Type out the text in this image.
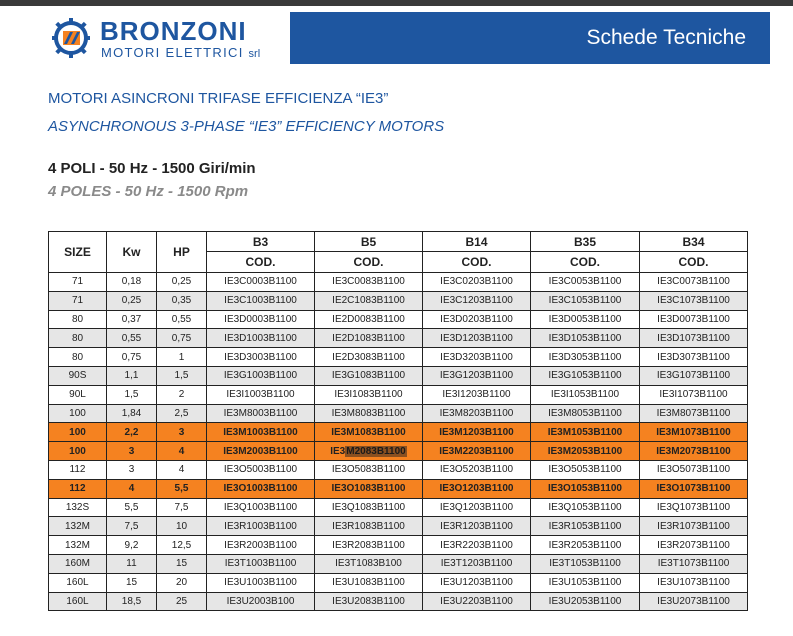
BRONZONI
MOTORI ELETTRICI srl
Schede Tecniche
MOTORI ASINCRONI TRIFASE EFFICIENZA “IE3”
ASYNCHRONOUS 3-PHASE “IE3” EFFICIENCY MOTORS
4 POLI - 50 Hz - 1500 Giri/min
4 POLES - 50 Hz - 1500 Rpm
SIZE	Kw	HP	B3	B5	B14	B35	B34
			COD.	COD.	COD.	COD.	COD.
71	0,18	0,25	IE3C0003B1100	IE3C0083B1100	IE3C0203B1100	IE3C0053B1100	IE3C0073B1100
71	0,25	0,35	IE3C1003B1100	IE2C1083B1100	IE3C1203B1100	IE3C1053B1100	IE3C1073B1100
80	0,37	0,55	IE3D0003B1100	IE2D0083B1100	IE3D0203B1100	IE3D0053B1100	IE3D0073B1100
80	0,55	0,75	IE3D1003B1100	IE2D1083B1100	IE3D1203B1100	IE3D1053B1100	IE3D1073B1100
80	0,75	1	IE3D3003B1100	IE2D3083B1100	IE3D3203B1100	IE3D3053B1100	IE3D3073B1100
90S	1,1	1,5	IE3G1003B1100	IE3G1083B1100	IE3G1203B1100	IE3G1053B1100	IE3G1073B1100
90L	1,5	2	IE3I1003B1100	IE3I1083B1100	IE3I1203B1100	IE3I1053B1100	IE3I1073B1100
100	1,84	2,5	IE3M8003B1100	IE3M8083B1100	IE3M8203B1100	IE3M8053B1100	IE3M8073B1100
100	2,2	3	IE3M1003B1100	IE3M1083B1100	IE3M1203B1100	IE3M1053B1100	IE3M1073B1100
100	3	4	IE3M2003B1100	IE3M2083B1100	IE3M2203B1100	IE3M2053B1100	IE3M2073B1100
112	3	4	IE3O5003B1100	IE3O5083B1100	IE3O5203B1100	IE3O5053B1100	IE3O5073B1100
112	4	5,5	IE3O1003B1100	IE3O1083B1100	IE3O1203B1100	IE3O1053B1100	IE3O1073B1100
132S	5,5	7,5	IE3Q1003B1100	IE3Q1083B1100	IE3Q1203B1100	IE3Q1053B1100	IE3Q1073B1100
132M	7,5	10	IE3R1003B1100	IE3R1083B1100	IE3R1203B1100	IE3R1053B1100	IE3R1073B1100
132M	9,2	12,5	IE3R2003B1100	IE3R2083B1100	IE3R2203B1100	IE3R2053B1100	IE3R2073B1100
160M	11	15	IE3T1003B1100	IE3T1083B100	IE3T1203B1100	IE3T1053B1100	IE3T1073B1100
160L	15	20	IE3U1003B1100	IE3U1083B1100	IE3U1203B1100	IE3U1053B1100	IE3U1073B1100
160L	18,5	25	IE3U2003B100	IE3U2083B1100	IE3U2203B1100	IE3U2053B1100	IE3U2073B1100
